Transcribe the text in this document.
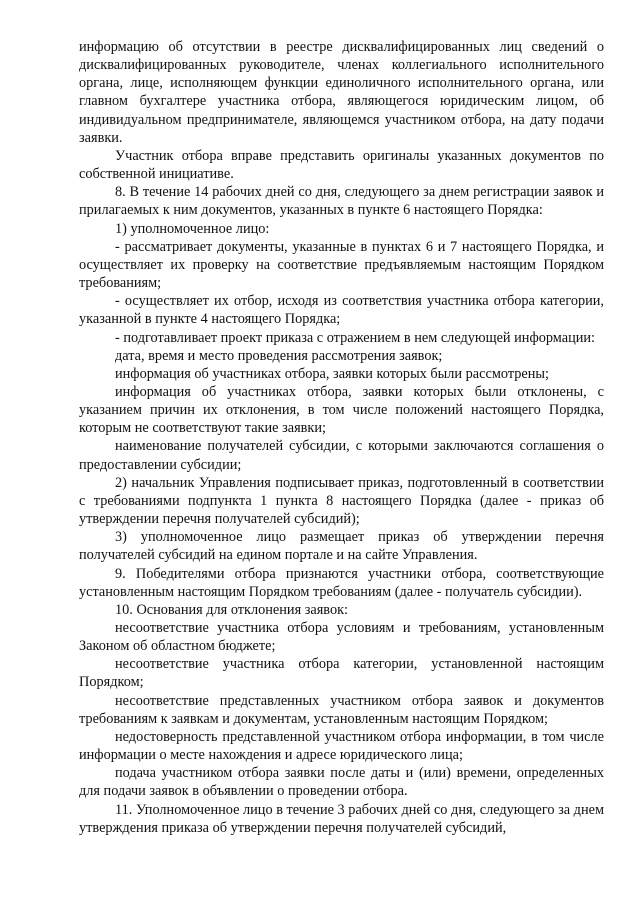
информацию об отсутствии в реестре дисквалифицированных лиц сведений о дисквалифицированных руководителе, членах коллегиального исполнительного органа, лице, исполняющем функции единоличного исполнительного органа, или главном бухгалтере участника отбора, являющегося юридическим лицом, об индивидуальном предпринимателе, являющемся участником отбора, на дату подачи заявки.

Участник отбора вправе представить оригиналы указанных документов по собственной инициативе.

8. В течение 14 рабочих дней со дня, следующего за днем регистрации заявок и прилагаемых к ним документов, указанных в пункте 6 настоящего Порядка:

1) уполномоченное лицо:

- рассматривает документы, указанные в пунктах 6 и 7 настоящего Порядка, и осуществляет их проверку на соответствие предъявляемым настоящим Порядком требованиям;

- осуществляет их отбор, исходя из соответствия участника отбора категории, указанной в пункте 4 настоящего Порядка;

- подготавливает проект приказа с отражением в нем следующей информации:

дата, время и место проведения рассмотрения заявок;

информация об участниках отбора, заявки которых были рассмотрены;

информация об участниках отбора, заявки которых были отклонены, с указанием причин их отклонения, в том числе положений настоящего Порядка, которым не соответствуют такие заявки;

наименование получателей субсидии, с которыми заключаются соглашения о предоставлении субсидии;

2) начальник Управления подписывает приказ, подготовленный в соответствии с требованиями подпункта 1 пункта 8 настоящего Порядка (далее - приказ об утверждении перечня получателей субсидий);

3) уполномоченное лицо размещает приказ об утверждении перечня получателей субсидий на едином портале и на сайте Управления.

9. Победителями отбора признаются участники отбора, соответствующие установленным настоящим Порядком требованиям (далее - получатель субсидии).

10. Основания для отклонения заявок:

несоответствие участника отбора условиям и требованиям, установленным Законом об областном бюджете;

несоответствие участника отбора категории, установленной настоящим Порядком;

несоответствие представленных участником отбора заявок и документов требованиям к заявкам и документам, установленным настоящим Порядком;

недостоверность представленной участником отбора информации, в том числе информации о месте нахождения и адресе юридического лица;

подача участником отбора заявки после даты и (или) времени, определенных для подачи заявок в объявлении о проведении отбора.

11. Уполномоченное лицо в течение 3 рабочих дней со дня, следующего за днем утверждения приказа об утверждении перечня получателей субсидий,
